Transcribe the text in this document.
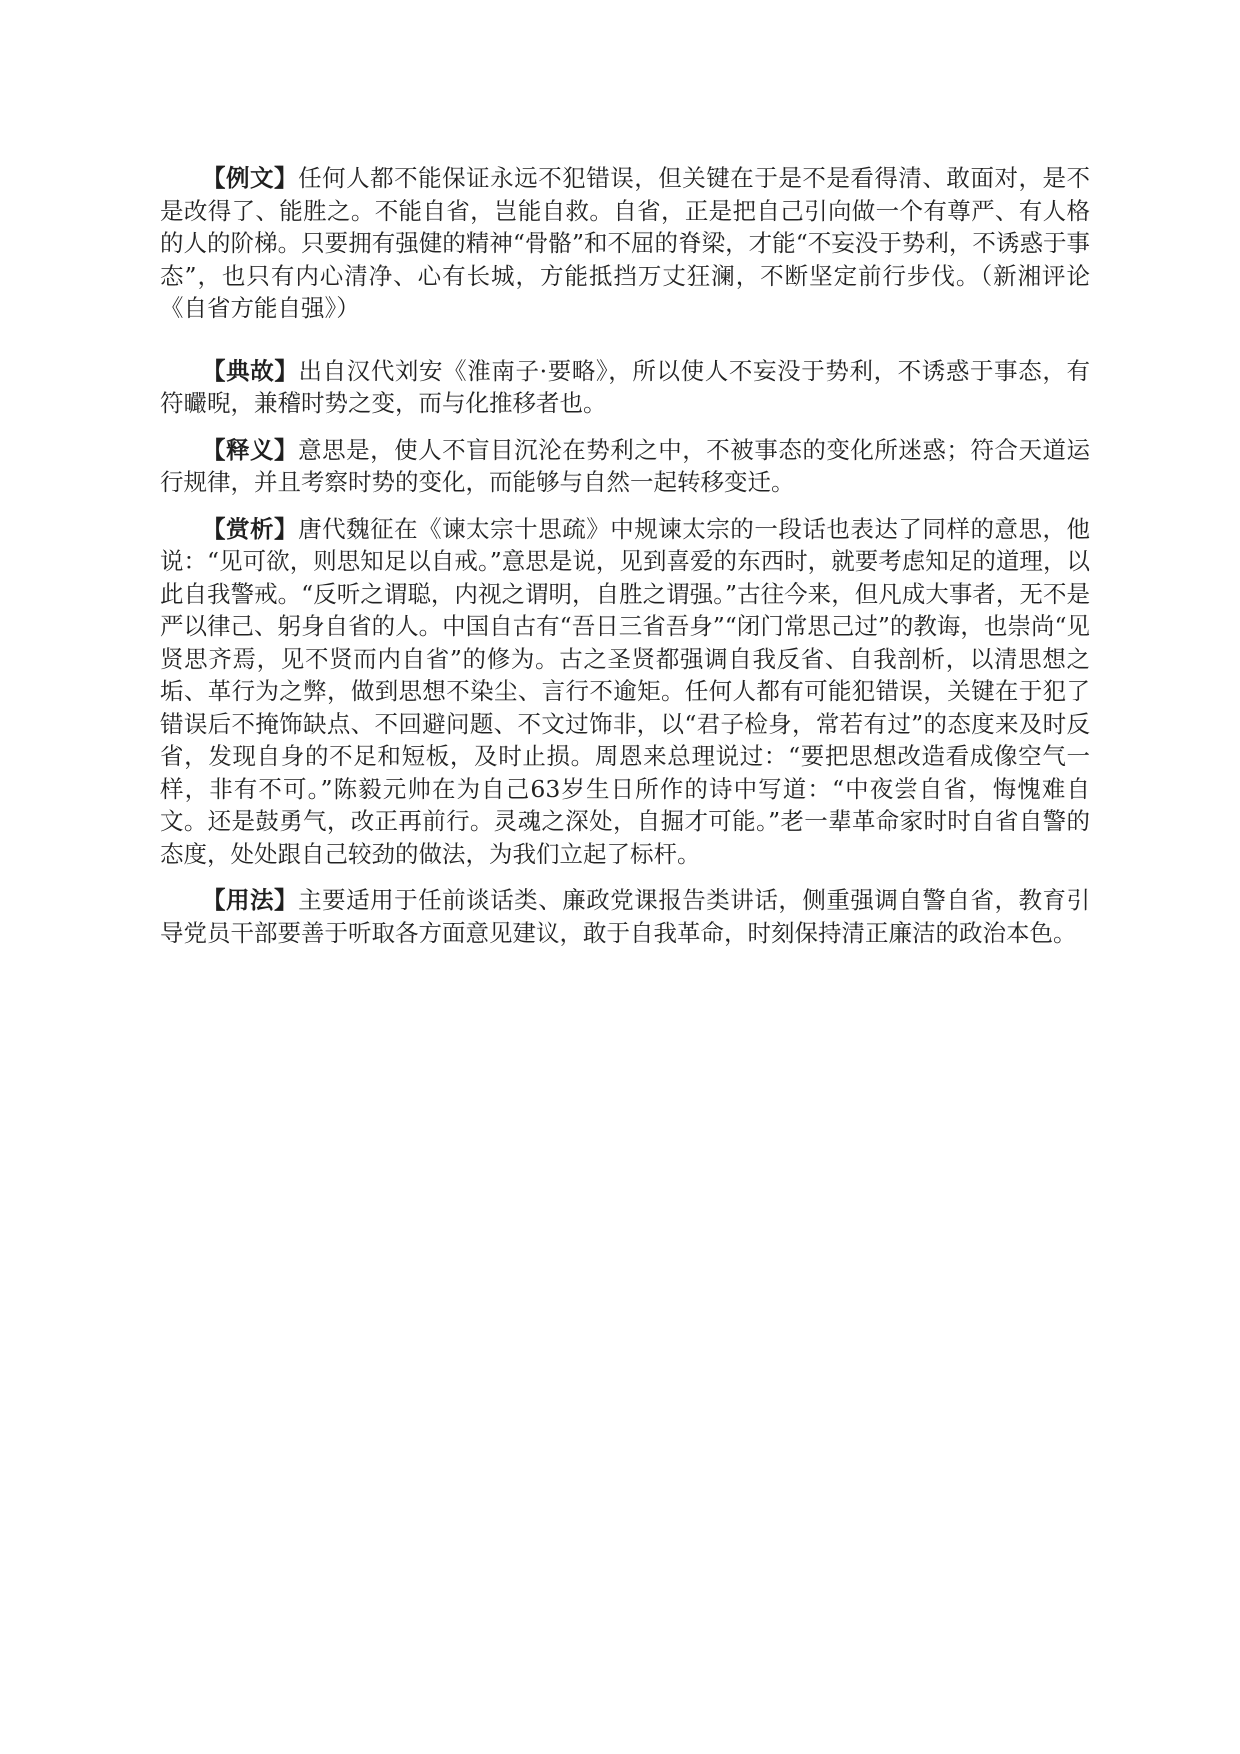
【例文】任何人都不能保证永远不犯错误，但关键在于是不是看得清、敢面对，是不是改得了、能胜之。不能自省，岂能自救。自省，正是把自己引向做一个有尊严、有人格的人的阶梯。只要拥有强健的精神“骨骼”和不屈的脊梁，才能“不妄没于势利，不诱惑于事态”，也只有内心清净、心有长城，方能抵挡万丈狂澜，不断坚定前行步伐。（新湘评论《自省方能自强》）

【典故】出自汉代刘安《淮南子·要略》，所以使人不妄没于势利，不诱惑于事态，有符曮晲，兼稽时势之变，而与化推移者也。

【释义】意思是，使人不盲目沉沦在势利之中，不被事态的变化所迷惑；符合天道运行规律，并且考察时势的变化，而能够与自然一起转移变迁。

【赏析】唐代魏征在《谏太宗十思疏》中规谏太宗的一段话也表达了同样的意思，他说：“见可欲，则思知足以自戒。”意思是说，见到喜爱的东西时，就要考虑知足的道理，以此自我警戒。“反听之谓聪，内视之谓明，自胜之谓强。”古往今来，但凡成大事者，无不是严以律己、躬身自省的人。中国自古有“吾日三省吾身”“闭门常思己过”的教诲，也崇尚“见贤思齐焉，见不贤而内自省”的修为。古之圣贤都强调自我反省、自我剖析，以清思想之垢、革行为之弊，做到思想不染尘、言行不逾矩。任何人都有可能犯错误，关键在于犯了错误后不掩饰缺点、不回避问题、不文过饰非，以“君子检身，常若有过”的态度来及时反省，发现自身的不足和短板，及时止损。周恩来总理说过：“要把思想改造看成像空气一样，非有不可。”陈毅元帅在为自己63岁生日所作的诗中写道：“中夜尝自省，悔愧难自文。还是鼓勇气，改正再前行。灵魂之深处，自掘才可能。”老一辈革命家时时自省自警的态度，处处跟自己较劲的做法，为我们立起了标杆。

【用法】主要适用于任前谈话类、廉政党课报告类讲话，侧重强调自警自省，教育引导党员干部要善于听取各方面意见建议，敢于自我革命，时刻保持清正廉洁的政治本色。
